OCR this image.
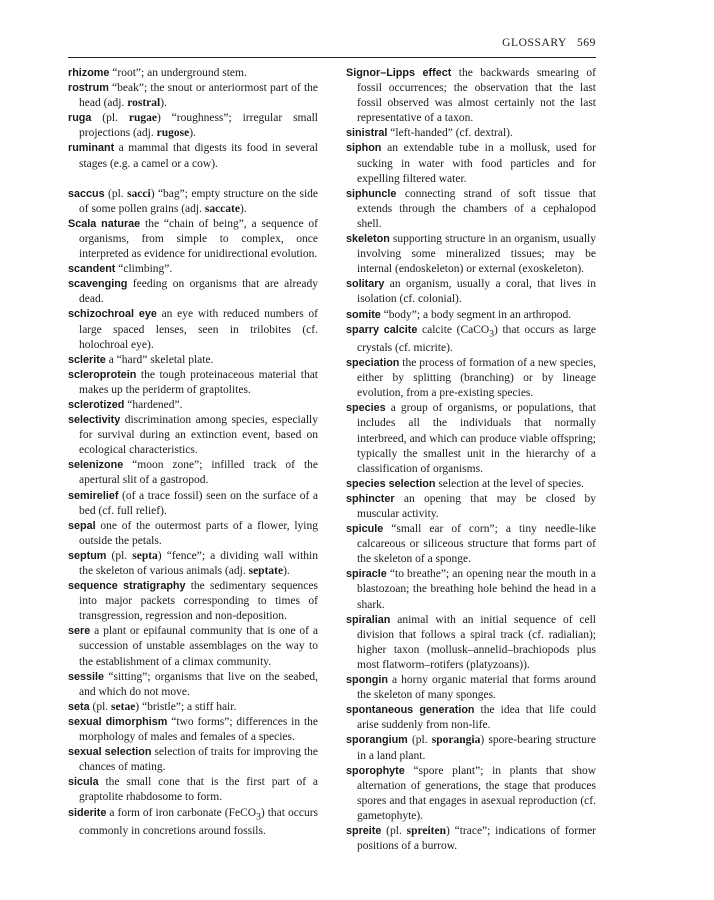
GLOSSARY 569
rhizome “root”; an underground stem.
rostrum “beak”; the snout or anteriormost part of the head (adj. rostral).
ruga (pl. rugae) “roughness”; irregular small projections (adj. rugose).
ruminant a mammal that digests its food in several stages (e.g. a camel or a cow).
saccus (pl. sacci) “bag”; empty structure on the side of some pollen grains (adj. saccate).
Scala naturae the “chain of being”, a sequence of organisms, from simple to complex, once interpreted as evidence for unidirectional evolution.
scandent “climbing”.
scavenging feeding on organisms that are already dead.
schizochroal eye an eye with reduced numbers of large spaced lenses, seen in trilobites (cf. holochroal eye).
sclerite a “hard” skeletal plate.
scleroprotein the tough proteinaceous material that makes up the periderm of graptolites.
sclerotized “hardened”.
selectivity discrimination among species, especially for survival during an extinction event, based on ecological characteristics.
selenizone “moon zone”; infilled track of the apertural slit of a gastropod.
semirelief (of a trace fossil) seen on the surface of a bed (cf. full relief).
sepal one of the outermost parts of a flower, lying outside the petals.
septum (pl. septa) “fence”; a dividing wall within the skeleton of various animals (adj. septate).
sequence stratigraphy the sedimentary sequences into major packets corresponding to times of transgression, regression and non-deposition.
sere a plant or epifaunal community that is one of a succession of unstable assemblages on the way to the establishment of a climax community.
sessile “sitting”; organisms that live on the seabed, and which do not move.
seta (pl. setae) “bristle”; a stiff hair.
sexual dimorphism “two forms”; differences in the morphology of males and females of a species.
sexual selection selection of traits for improving the chances of mating.
sicula the small cone that is the first part of a graptolite rhabdosome to form.
siderite a form of iron carbonate (FeCO$_3$) that occurs commonly in concretions around fossils.
Signor–Lipps effect the backwards smearing of fossil occurrences; the observation that the last fossil observed was almost certainly not the last representative of a taxon.
sinistral “left-handed” (cf. dextral).
siphon an extendable tube in a mollusk, used for sucking in water with food particles and for expelling filtered water.
siphuncle connecting strand of soft tissue that extends through the chambers of a cephalopod shell.
skeleton supporting structure in an organism, usually involving some mineralized tissues; may be internal (endoskeleton) or external (exoskeleton).
solitary an organism, usually a coral, that lives in isolation (cf. colonial).
somite “body”; a body segment in an arthropod.
sparry calcite calcite (CaCO$_3$) that occurs as large crystals (cf. micrite).
speciation the process of formation of a new species, either by splitting (branching) or by lineage evolution, from a pre-existing species.
species a group of organisms, or populations, that includes all the individuals that normally interbreed, and which can produce viable offspring; typically the smallest unit in the hierarchy of a classification of organisms.
species selection selection at the level of species.
sphincter an opening that may be closed by muscular activity.
spicule “small ear of corn”; a tiny needle-like calcareous or siliceous structure that forms part of the skeleton of a sponge.
spiracle “to breathe”; an opening near the mouth in a blastozoan; the breathing hole behind the head in a shark.
spiralian animal with an initial sequence of cell division that follows a spiral track (cf. radialian); higher taxon (mollusk–annelid–brachiopods plus most flatworm–rotifers (platyzoans)).
spongin a horny organic material that forms around the skeleton of many sponges.
spontaneous generation the idea that life could arise suddenly from non-life.
sporangium (pl. sporangia) spore-bearing structure in a land plant.
sporophyte “spore plant”; in plants that show alternation of generations, the stage that produces spores and that engages in asexual reproduction (cf. gametophyte).
spreite (pl. spreiten) “trace”; indications of former positions of a burrow.
